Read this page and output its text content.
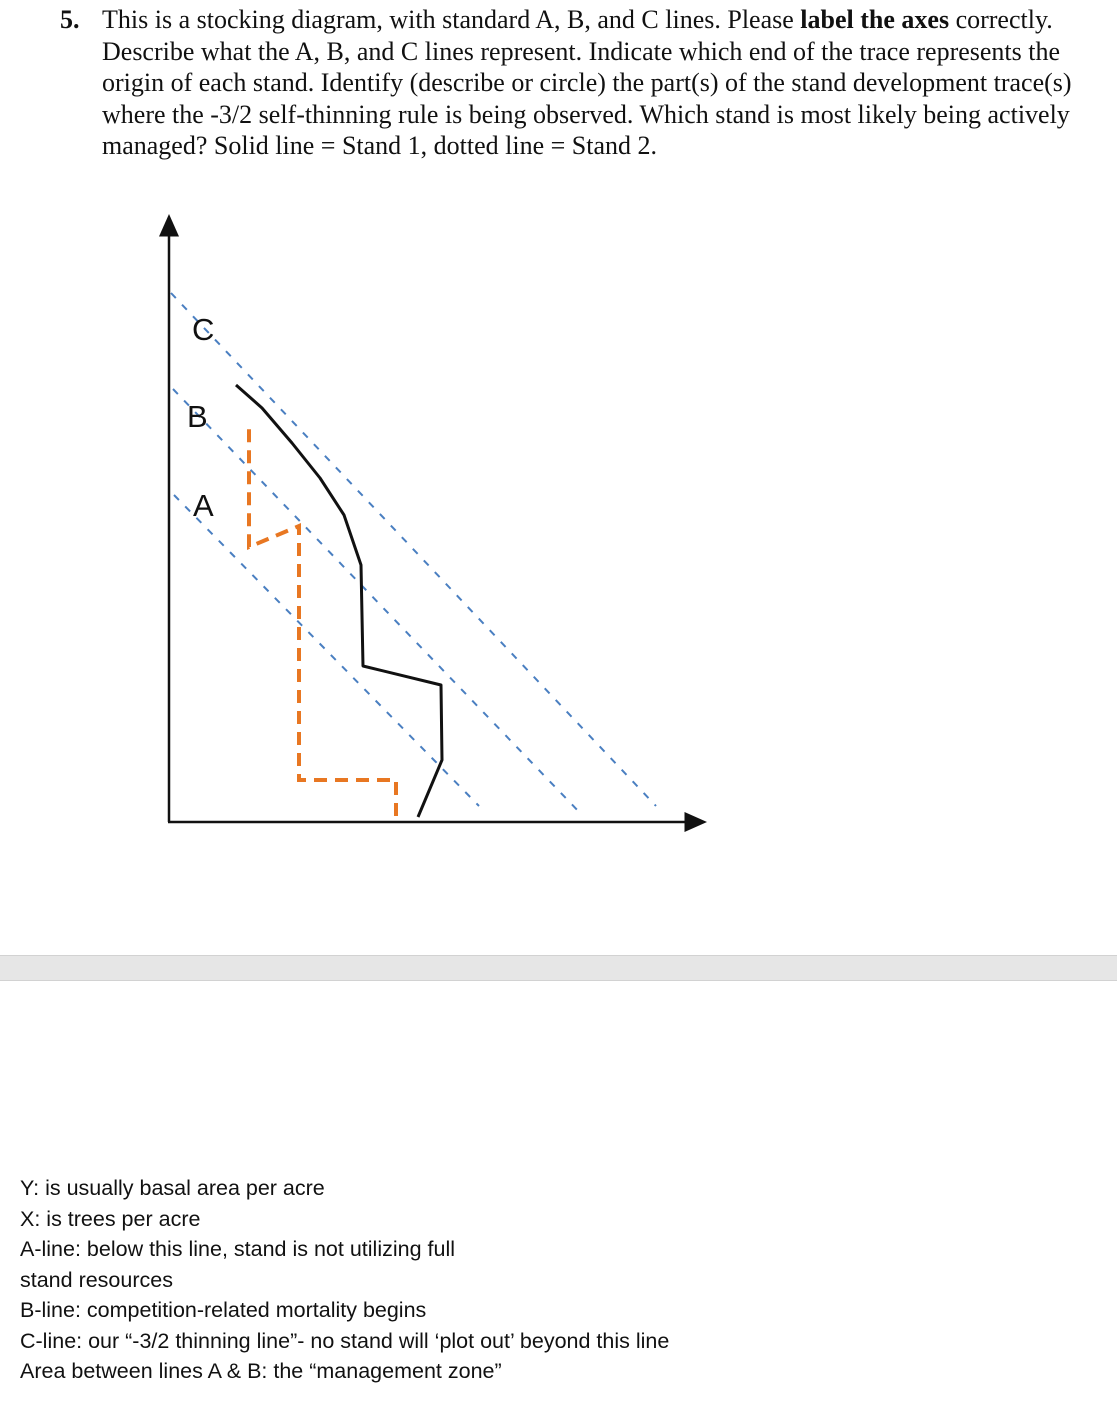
5. This is a stocking diagram, with standard A, B, and C lines. Please label the axes correctly. Describe what the A, B, and C lines represent. Indicate which end of the trace represents the origin of each stand. Identify (describe or circle) the part(s) of the stand development trace(s) where the -3/2 self-thinning rule is being observed. Which stand is most likely being actively managed? Solid line = Stand 1, dotted line = Stand 2.
C
B
A
Y: is usually basal area per acre
X: is trees per acre
A-line: below this line, stand is not utilizing full
stand resources
B-line: competition-related mortality begins
C-line: our “-3/2 thinning line”- no stand will ‘plot out’ beyond this line
Area between lines A & B: the “management zone”
